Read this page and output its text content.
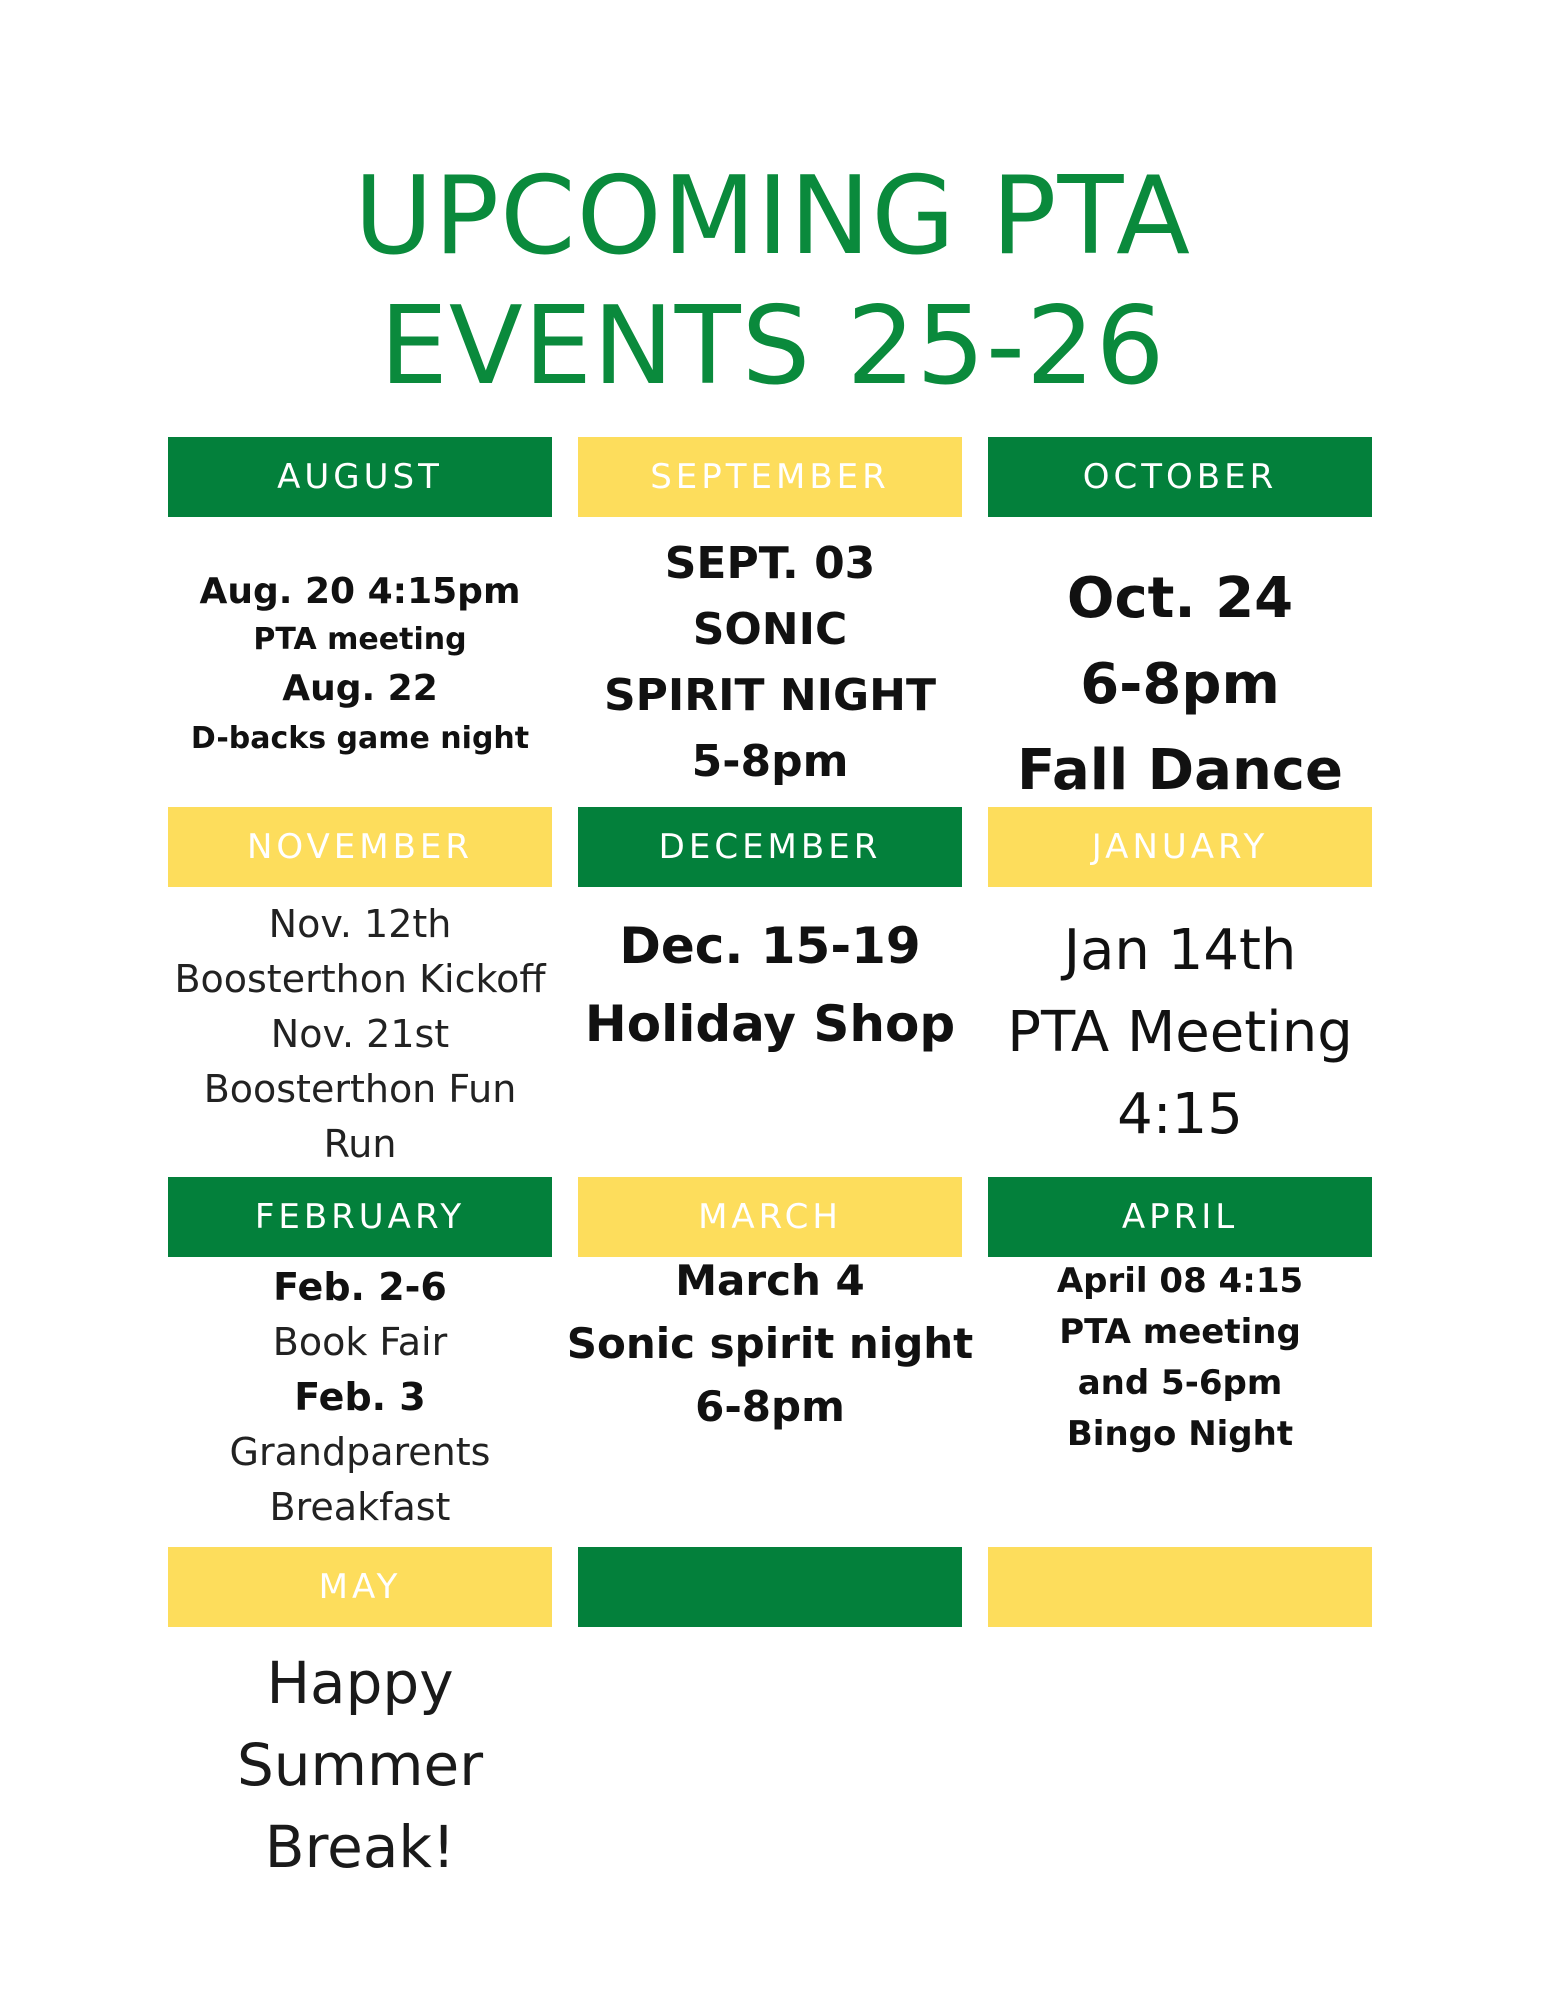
UPCOMING PTA
EVENTS 25-26
AUGUST	SEPTEMBER	OCTOBER
Aug. 20 4:15pm
PTA meeting
Aug. 22
D-backs game night
SEPT. 03
SONIC
SPIRIT NIGHT
5-8pm
Oct. 24
6-8pm
Fall Dance
NOVEMBER	DECEMBER	JANUARY
Nov. 12th
Boosterthon Kickoff
Nov. 21st
Boosterthon Fun
Run
Dec. 15-19
Holiday Shop
Jan 14th
PTA Meeting
4:15
FEBRUARY	MARCH	APRIL
Feb. 2-6
Book Fair
Feb. 3
Grandparents
Breakfast
March 4
Sonic spirit night
6-8pm
April 08 4:15
PTA meeting
and 5-6pm
Bingo Night
MAY
Happy
Summer
Break!
